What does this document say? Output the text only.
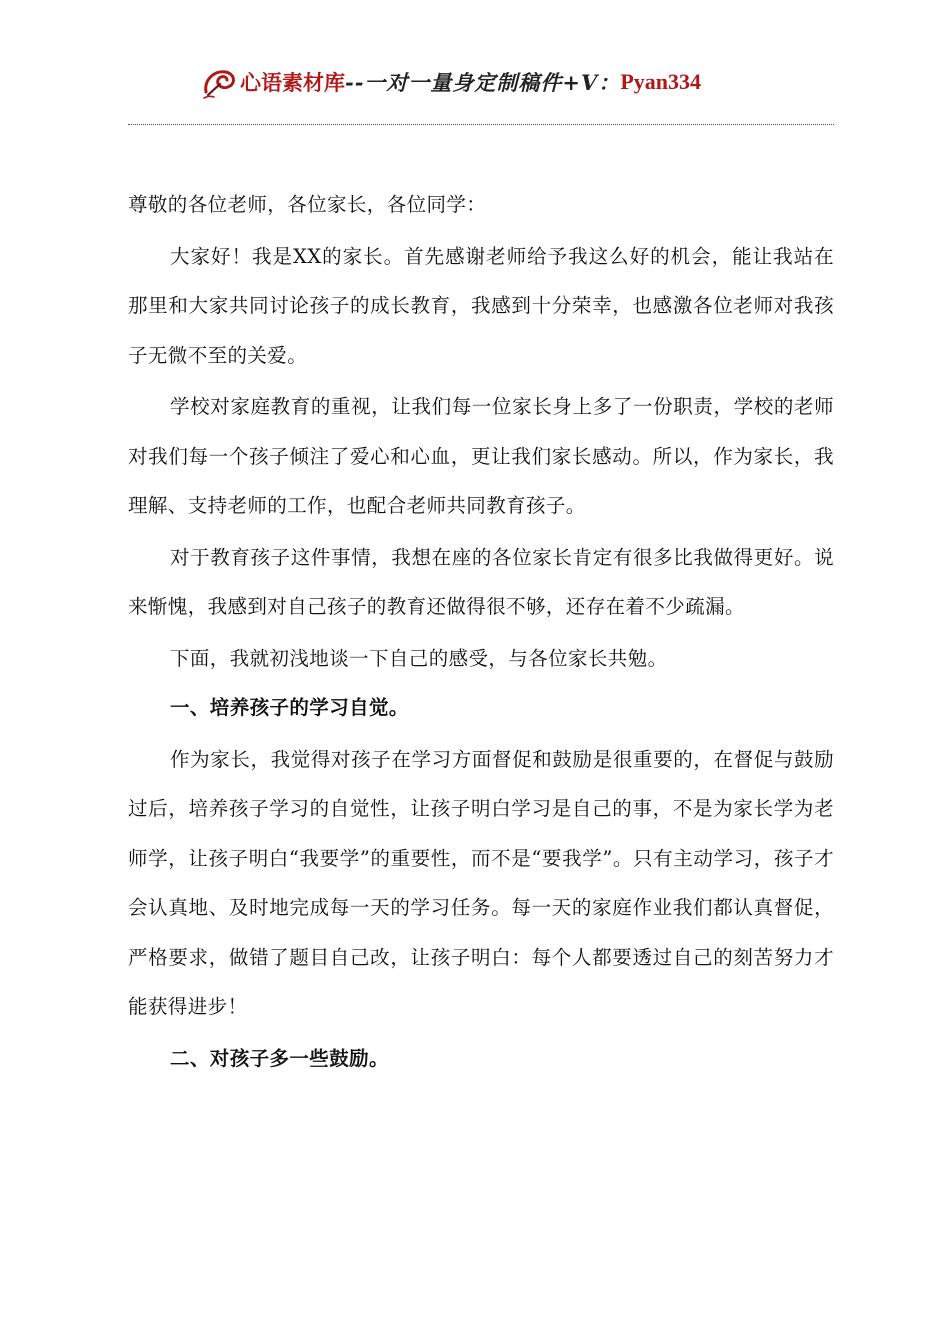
心语素材库 --一对一量身定制稿件+V： Pyan334

尊敬的各位老师，各位家长，各位同学：

大家好！我是XX的家长。首先感谢老师给予我这么好的机会，能让我站在那里和大家共同讨论孩子的成长教育，我感到十分荣幸，也感激各位老师对我孩子无微不至的关爱。

学校对家庭教育的重视，让我们每一位家长身上多了一份职责，学校的老师对我们每一个孩子倾注了爱心和心血，更让我们家长感动。所以，作为家长，我理解、支持老师的工作，也配合老师共同教育孩子。

对于教育孩子这件事情，我想在座的各位家长肯定有很多比我做得更好。说来惭愧，我感到对自己孩子的教育还做得很不够，还存在着不少疏漏。

下面，我就初浅地谈一下自己的感受，与各位家长共勉。

一、培养孩子的学习自觉。

作为家长，我觉得对孩子在学习方面督促和鼓励是很重要的，在督促与鼓励过后，培养孩子学习的自觉性，让孩子明白学习是自己的事，不是为家长学为老师学，让孩子明白“我要学”的重要性，而不是“要我学”。只有主动学习，孩子才会认真地、及时地完成每一天的学习任务。每一天的家庭作业我们都认真督促，严格要求，做错了题目自己改，让孩子明白：每个人都要透过自己的刻苦努力才能获得进步！

二、对孩子多一些鼓励。
